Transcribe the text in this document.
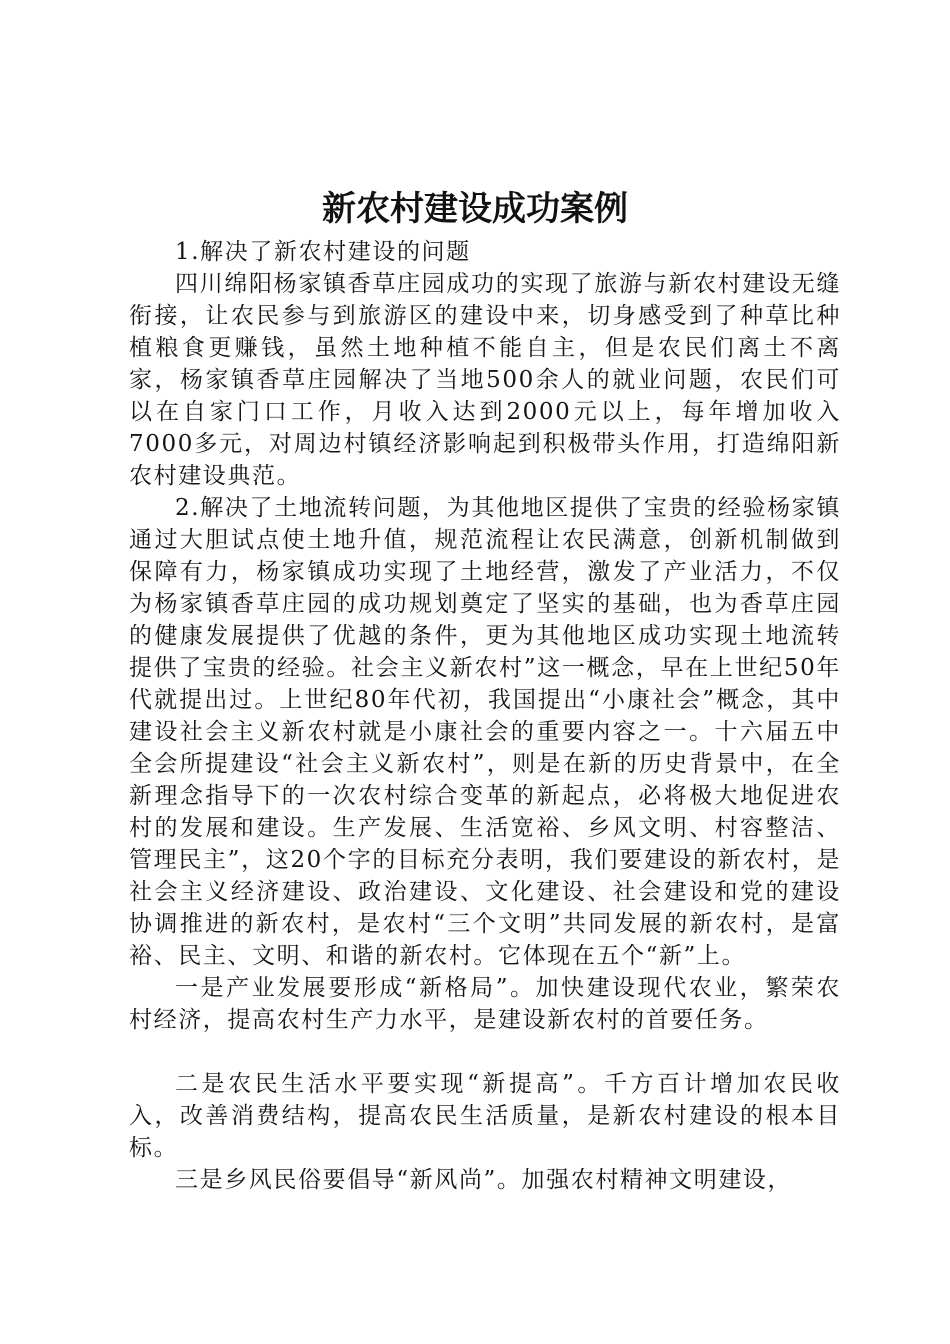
新农村建设成功案例

1.解决了新农村建设的问题

四川绵阳杨家镇香草庄园成功的实现了旅游与新农村建设无缝衔接，让农民参与到旅游区的建设中来，切身感受到了种草比种植粮食更赚钱，虽然土地种植不能自主，但是农民们离土不离家，杨家镇香草庄园解决了当地500余人的就业问题，农民们可以在自家门口工作，月收入达到2000元以上，每年增加收入7000多元，对周边村镇经济影响起到积极带头作用，打造绵阳新农村建设典范。

2.解决了土地流转问题，为其他地区提供了宝贵的经验杨家镇通过大胆试点使土地升值，规范流程让农民满意，创新机制做到保障有力，杨家镇成功实现了土地经营，激发了产业活力，不仅为杨家镇香草庄园的成功规划奠定了坚实的基础，也为香草庄园的健康发展提供了优越的条件，更为其他地区成功实现土地流转提供了宝贵的经验。社会主义新农村”这一概念，早在上世纪50年代就提出过。上世纪80年代初，我国提出“小康社会”概念，其中建设社会主义新农村就是小康社会的重要内容之一。十六届五中全会所提建设“社会主义新农村”，则是在新的历史背景中，在全新理念指导下的一次农村综合变革的新起点，必将极大地促进农村的发展和建设。生产发展、生活宽裕、乡风文明、村容整洁、管理民主”，这20个字的目标充分表明，我们要建设的新农村，是社会主义经济建设、政治建设、文化建设、社会建设和党的建设协调推进的新农村，是农村“三个文明”共同发展的新农村，是富裕、民主、文明、和谐的新农村。它体现在五个“新”上。

一是产业发展要形成“新格局”。加快建设现代农业，繁荣农村经济，提高农村生产力水平，是建设新农村的首要任务。

二是农民生活水平要实现“新提高”。千方百计增加农民收入，改善消费结构，提高农民生活质量，是新农村建设的根本目标。

三是乡风民俗要倡导“新风尚”。加强农村精神文明建设，
